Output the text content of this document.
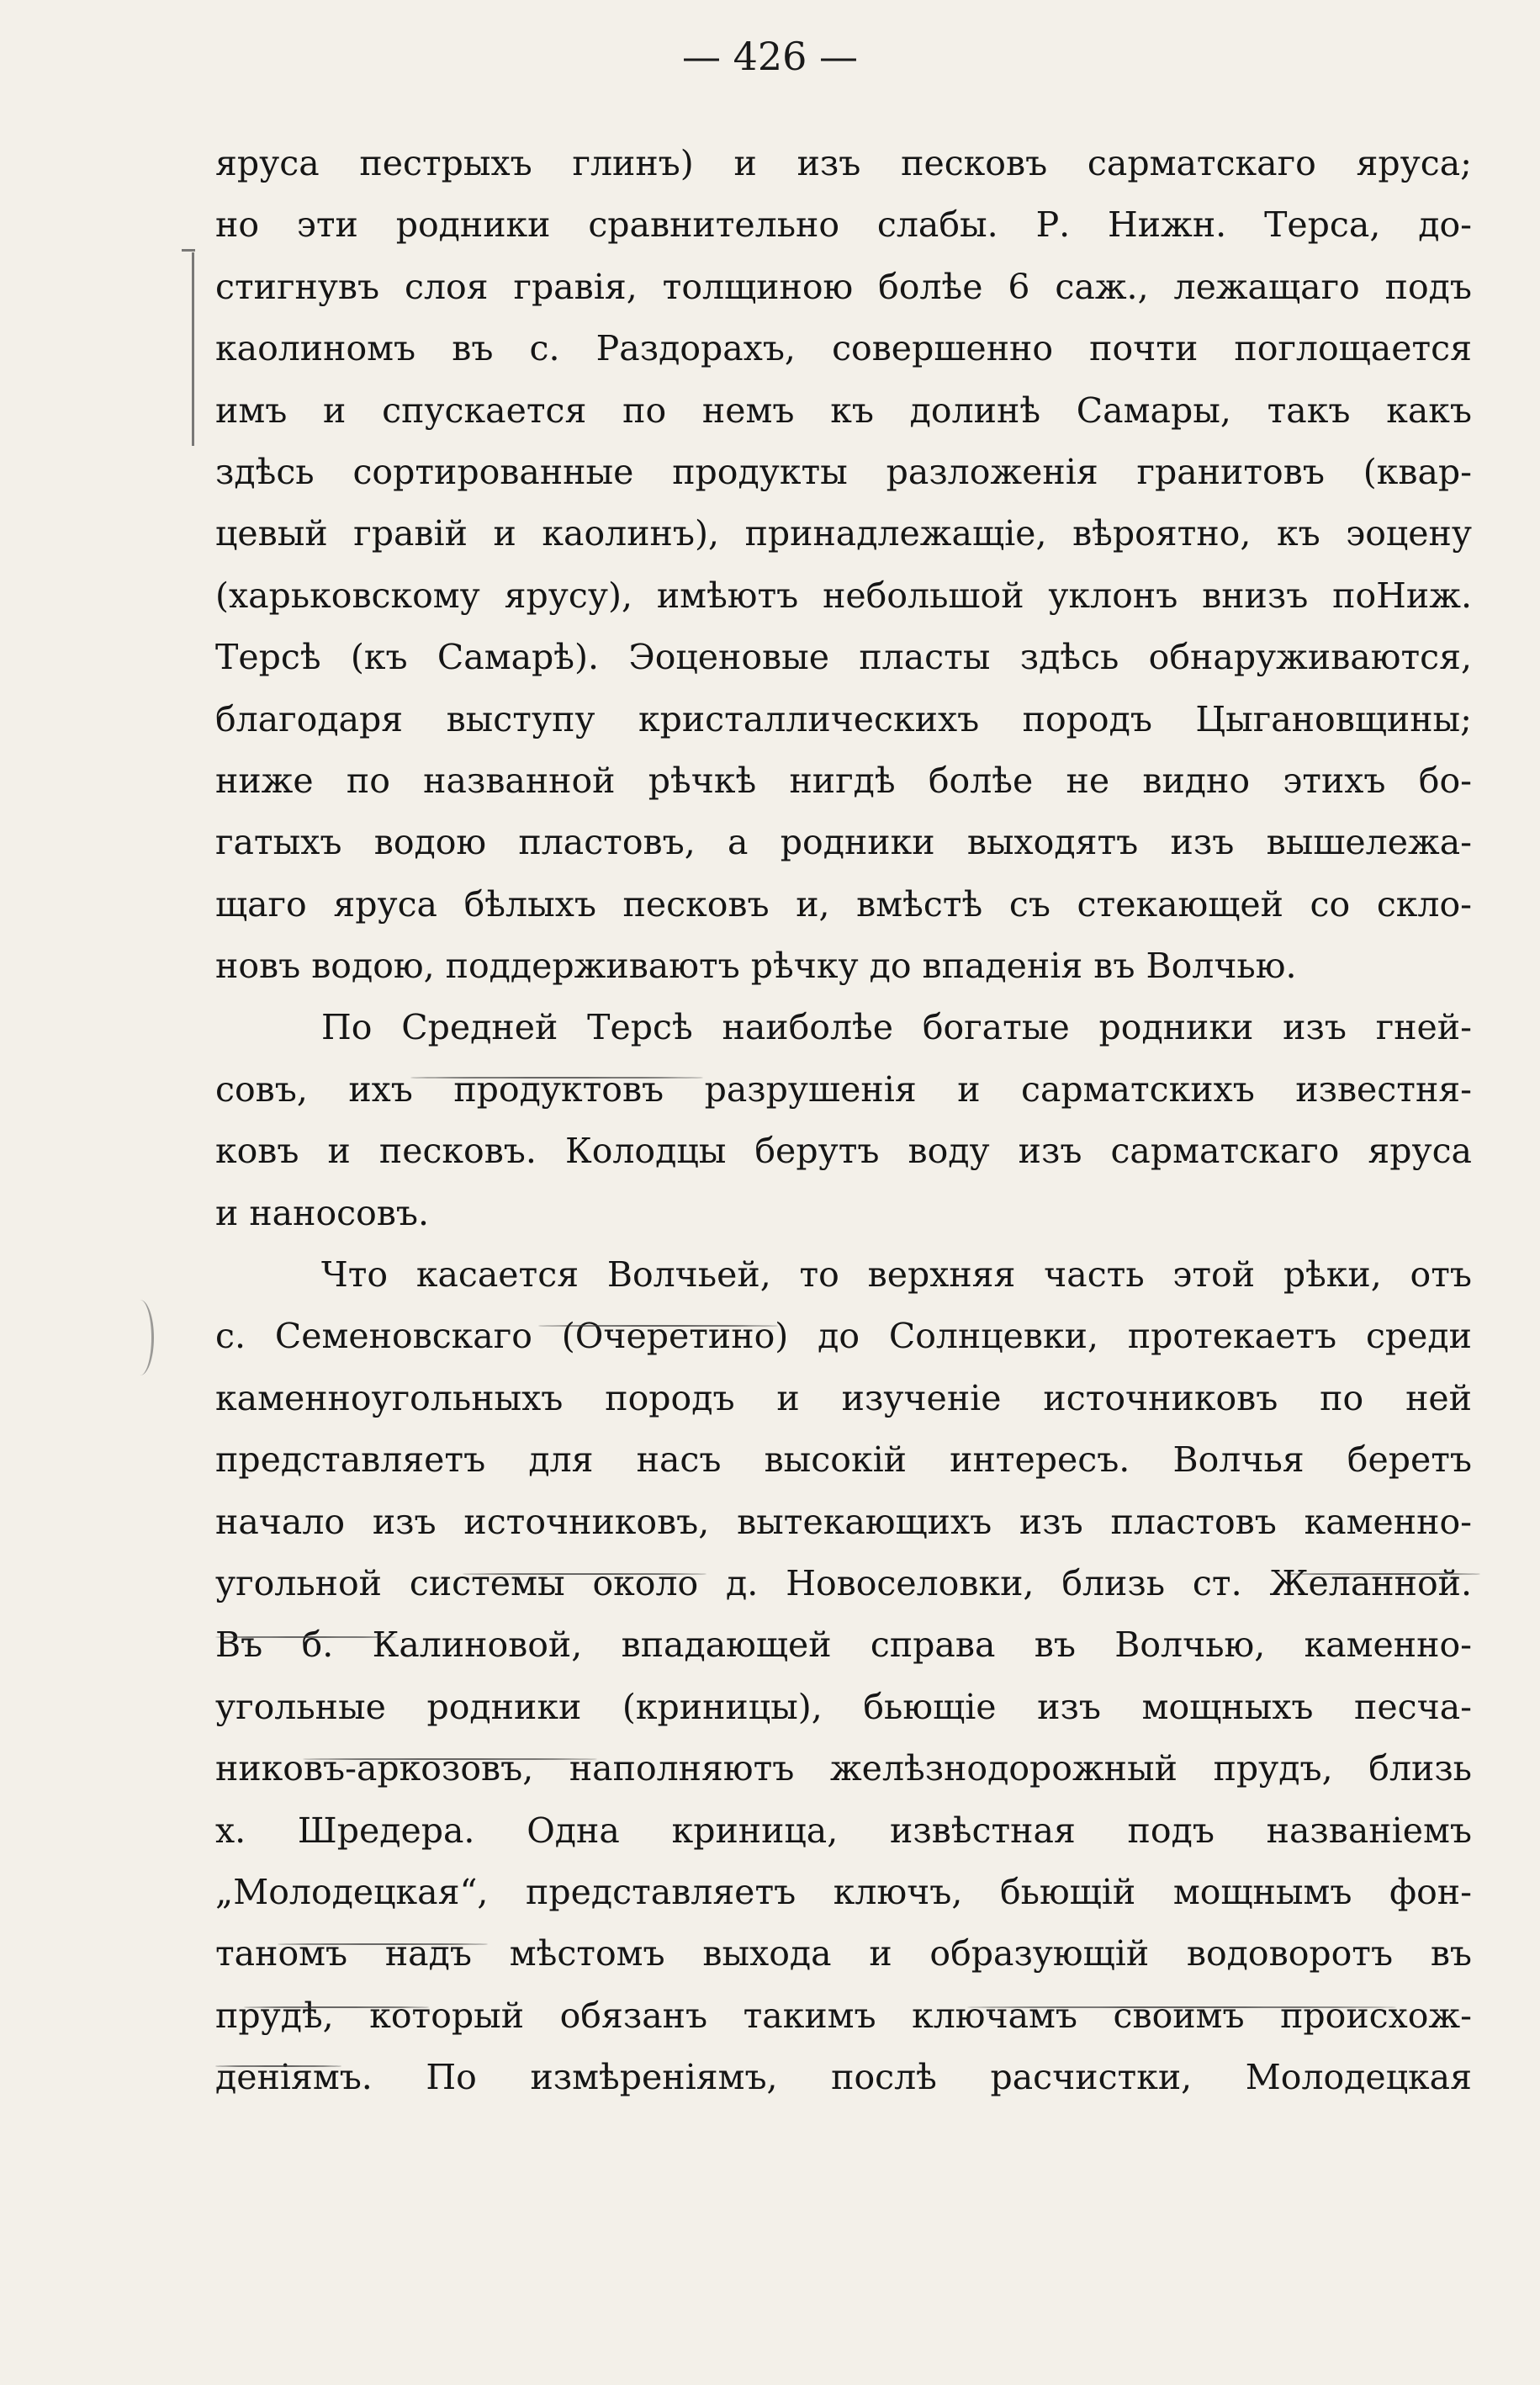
— 426 —
яруса пестрыхъ глинъ) и изъ песковъ сарматскаго яруса;
но эти родники сравнительно слабы. Р. Нижн. Терса, до-
стигнувъ слоя гравія, толщиною болѣе 6 саж., лежащаго подъ
каолиномъ въ с. Раздорахъ, совершенно почти поглощается
имъ и спускается по немъ къ долинѣ Самары, такъ какъ
здѣсь сортированные продукты разложенія гранитовъ (квар-
цевый гравій и каолинъ), принадлежащіе, вѣроятно, къ эоцену
(харьковскому ярусу), имѣютъ небольшой уклонъ внизъ поНиж.
Терсѣ (къ Самарѣ). Эоценовые пласты здѣсь обнаруживаются,
благодаря выступу кристаллическихъ породъ Цыгановщины;
ниже по названной рѣчкѣ нигдѣ болѣе не видно этихъ бо-
гатыхъ водою пластовъ, а родники выходятъ изъ вышележа-
щаго яруса бѣлыхъ песковъ и, вмѣстѣ съ стекающей со скло-
новъ водою, поддерживаютъ рѣчку до впаденія въ Волчью.
По Средней Терсѣ наиболѣе богатые родники изъ гней-
совъ, ихъ продуктовъ разрушенія и сарматскихъ известня-
ковъ и песковъ. Колодцы берутъ воду изъ сарматскаго яруса
и наносовъ.
Что касается Волчьей, то верхняя часть этой рѣки, отъ
с. Семеновскаго (Очеретино) до Солнцевки, протекаетъ среди
каменноугольныхъ породъ и изученіе источниковъ по ней
представляетъ для насъ высокій интересъ. Волчья беретъ
начало изъ источниковъ, вытекающихъ изъ пластовъ каменно-
угольной системы около д. Новоселовки, близь ст. Желанной.
Въ б. Калиновой, впадающей справа въ Волчью, каменно-
угольные родники (криницы), бьющіе изъ мощныхъ песча-
никовъ-аркозовъ, наполняютъ желѣзнодорожный прудъ, близь
х. Шредера. Одна криница, извѣстная подъ названіемъ
„Молодецкая“, представляетъ ключъ, бьющій мощнымъ фон-
таномъ надъ мѣстомъ выхода и образующій водоворотъ въ
прудѣ, который обязанъ такимъ ключамъ своимъ происхож-
деніямъ. По измѣреніямъ, послѣ расчистки, Молодецкая
